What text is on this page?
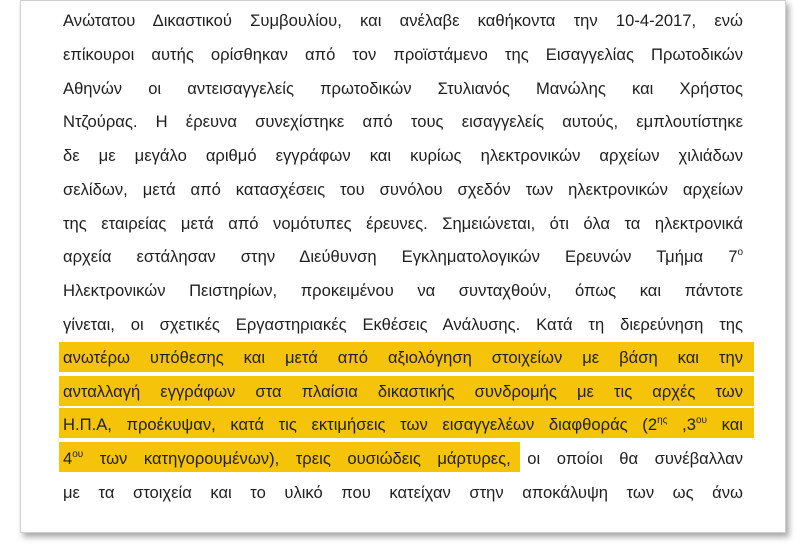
Ανώτατου Δικαστικού Συμβουλίου, και ανέλαβε καθήκοντα την 10-4-2017, ενώ
επίκουροι αυτής ορίσθηκαν από τον προϊστάμενο της Εισαγγελίας Πρωτοδικών
Αθηνών οι αντεισαγγελείς πρωτοδικών Στυλιανός Μανώλης και Χρήστος
Ντζούρας. Η έρευνα συνεχίστηκε από τους εισαγγελείς αυτούς, εμπλουτίστηκε
δε με μεγάλο αριθμό εγγράφων και κυρίως ηλεκτρονικών αρχείων χιλιάδων
σελίδων, μετά από κατασχέσεις του συνόλου σχεδόν των ηλεκτρονικών αρχείων
της εταιρείας μετά από νομότυπες έρευνες. Σημειώνεται, ότι όλα τα ηλεκτρονικά
αρχεία εστάλησαν στην Διεύθυνση Εγκληματολογικών Ερευνών Τμήμα $7^o$
Ηλεκτρονικών Πειστηρίων, προκειμένου να συνταχθούν, όπως και πάντοτε
γίνεται, οι σχετικές Εργαστηριακές Εκθέσεις Ανάλυσης. Κατά τη διερεύνηση της
ανωτέρω υπόθεσης και μετά από αξιολόγηση στοιχείων με βάση και την
ανταλλαγή εγγράφων στα πλαίσια δικαστικής συνδρομής με τις αρχές των
Η.Π.Α, προέκυψαν, κατά τις εκτιμήσεις των εισαγγελέων διαφθοράς ($2^{\eta\varsigma}$ $,3^{o\upsilon}$ και
$4^{o\upsilon}$ των κατηγορουμένων), τρεις ουσιώδεις μάρτυρες, οι οποίοι θα συνέβαλλαν
με τα στοιχεία και το υλικό που κατείχαν στην αποκάλυψη των ως άνω
